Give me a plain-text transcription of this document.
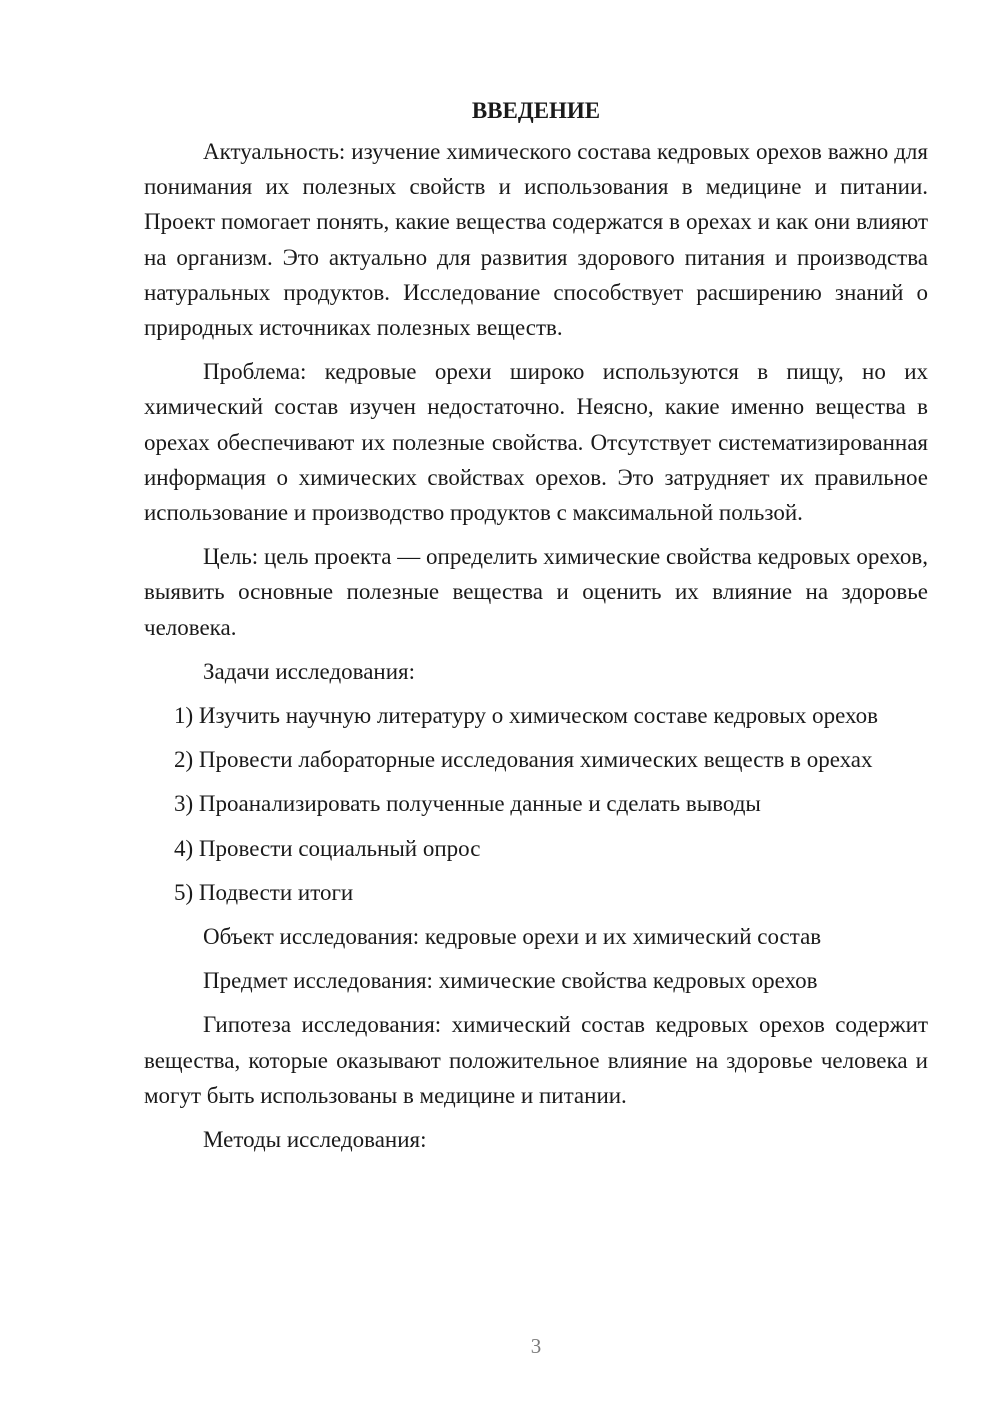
ВВЕДЕНИЕ

Актуальность: изучение химического состава кедровых орехов важно для понимания их полезных свойств и использования в медицине и питании. Проект помогает понять, какие вещества содержатся в орехах и как они влияют на организм. Это актуально для развития здорового питания и производства натуральных продуктов. Исследование способствует расширению знаний о природных источниках полезных веществ.

Проблема: кедровые орехи широко используются в пищу, но их химический состав изучен недостаточно. Неясно, какие именно вещества в орехах обеспечивают их полезные свойства. Отсутствует систематизированная информация о химических свойствах орехов. Это затрудняет их правильное использование и производство продуктов с максимальной пользой.

Цель: цель проекта — определить химические свойства кедровых орехов, выявить основные полезные вещества и оценить их влияние на здоровье человека.

Задачи исследования:

1) Изучить научную литературу о химическом составе кедровых орехов

2) Провести лабораторные исследования химических веществ в орехах

3) Проанализировать полученные данные и сделать выводы

4) Провести социальный опрос

5) Подвести итоги

Объект исследования: кедровые орехи и их химический состав

Предмет исследования: химические свойства кедровых орехов

Гипотеза исследования: химический состав кедровых орехов содержит вещества, которые оказывают положительное влияние на здоровье человека и могут быть использованы в медицине и питании.

Методы исследования:

3
